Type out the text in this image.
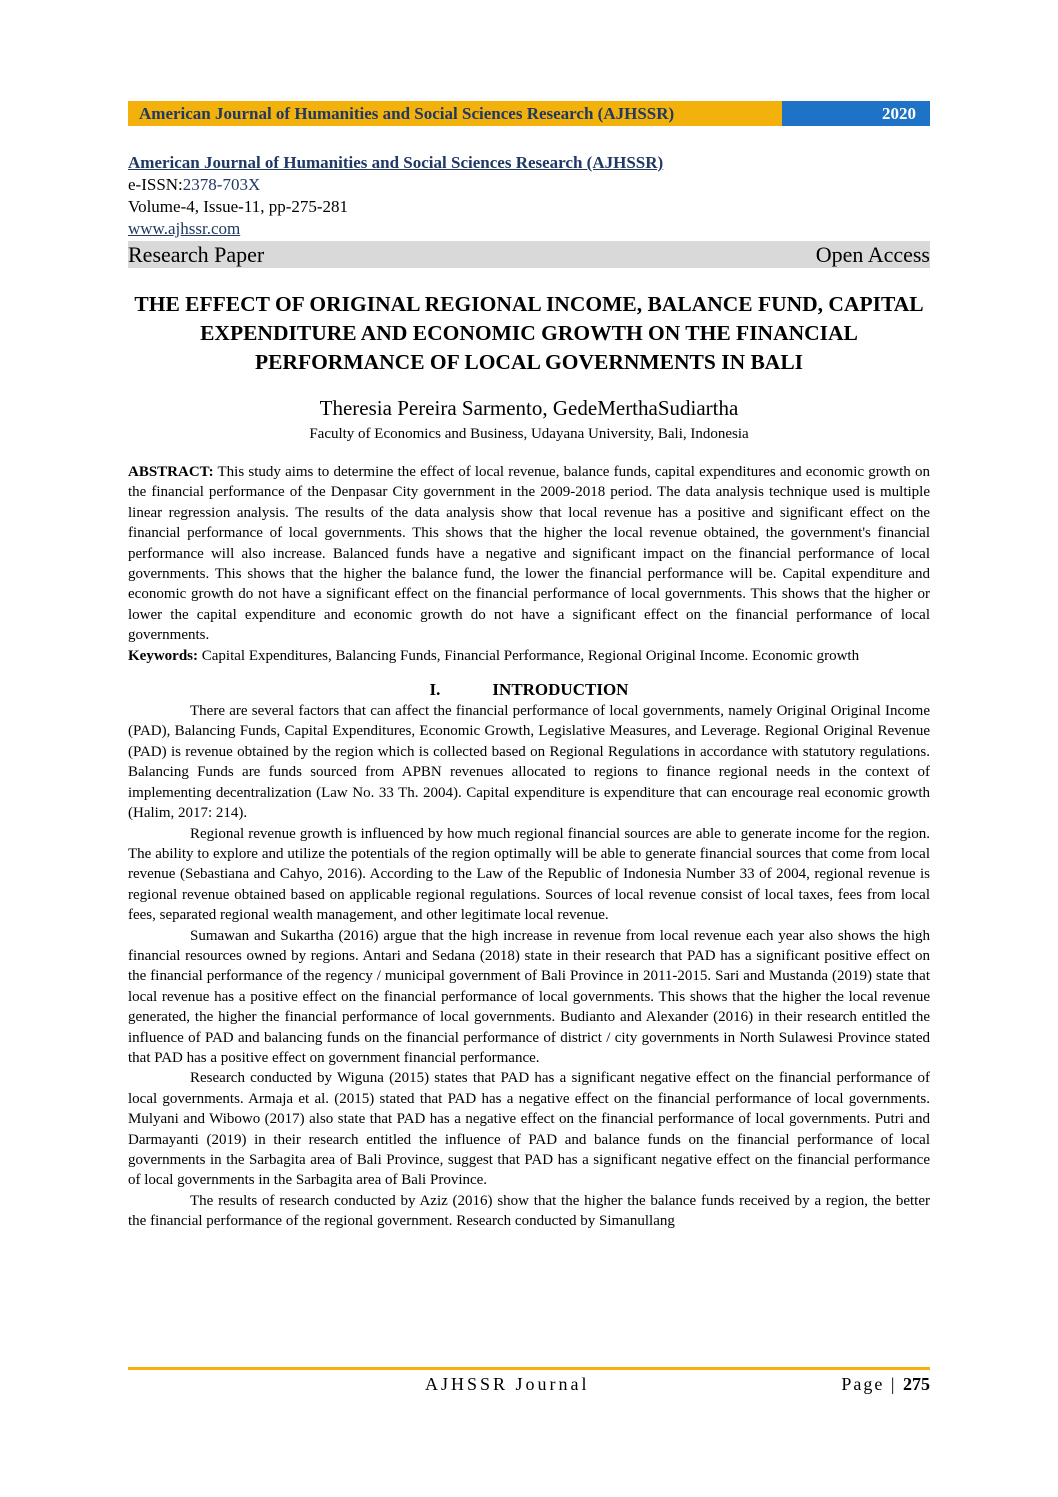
American Journal of Humanities and Social Sciences Research (AJHSSR)	2020
American Journal of Humanities and Social Sciences Research (AJHSSR)
e-ISSN:2378-703X
Volume-4, Issue-11, pp-275-281
www.ajhssr.com
Research Paper	Open Access
THE EFFECT OF ORIGINAL REGIONAL INCOME, BALANCE FUND, CAPITAL EXPENDITURE AND ECONOMIC GROWTH ON THE FINANCIAL PERFORMANCE OF LOCAL GOVERNMENTS IN BALI
Theresia Pereira Sarmento, GedeMerthaSudiartha
Faculty of Economics and Business, Udayana University, Bali, Indonesia

ABSTRACT: This study aims to determine the effect of local revenue, balance funds, capital expenditures and economic growth on the financial performance of the Denpasar City government in the 2009-2018 period. The data analysis technique used is multiple linear regression analysis. The results of the data analysis show that local revenue has a positive and significant effect on the financial performance of local governments. This shows that the higher the local revenue obtained, the government's financial performance will also increase. Balanced funds have a negative and significant impact on the financial performance of local governments. This shows that the higher the balance fund, the lower the financial performance will be. Capital expenditure and economic growth do not have a significant effect on the financial performance of local governments. This shows that the higher or lower the capital expenditure and economic growth do not have a significant effect on the financial performance of local governments.

Keywords: Capital Expenditures, Balancing Funds, Financial Performance, Regional Original Income. Economic growth

I.	INTRODUCTION

There are several factors that can affect the financial performance of local governments, namely Original Original Income (PAD), Balancing Funds, Capital Expenditures, Economic Growth, Legislative Measures, and Leverage. Regional Original Revenue (PAD) is revenue obtained by the region which is collected based on Regional Regulations in accordance with statutory regulations. Balancing Funds are funds sourced from APBN revenues allocated to regions to finance regional needs in the context of implementing decentralization (Law No. 33 Th. 2004). Capital expenditure is expenditure that can encourage real economic growth (Halim, 2017: 214).

Regional revenue growth is influenced by how much regional financial sources are able to generate income for the region. The ability to explore and utilize the potentials of the region optimally will be able to generate financial sources that come from local revenue (Sebastiana and Cahyo, 2016). According to the Law of the Republic of Indonesia Number 33 of 2004, regional revenue is regional revenue obtained based on applicable regional regulations. Sources of local revenue consist of local taxes, fees from local fees, separated regional wealth management, and other legitimate local revenue.

Sumawan and Sukartha (2016) argue that the high increase in revenue from local revenue each year also shows the high financial resources owned by regions. Antari and Sedana (2018) state in their research that PAD has a significant positive effect on the financial performance of the regency / municipal government of Bali Province in 2011-2015. Sari and Mustanda (2019) state that local revenue has a positive effect on the financial performance of local governments. This shows that the higher the local revenue generated, the higher the financial performance of local governments. Budianto and Alexander (2016) in their research entitled the influence of PAD and balancing funds on the financial performance of district / city governments in North Sulawesi Province stated that PAD has a positive effect on government financial performance.

Research conducted by Wiguna (2015) states that PAD has a significant negative effect on the financial performance of local governments. Armaja et al. (2015) stated that PAD has a negative effect on the financial performance of local governments. Mulyani and Wibowo (2017) also state that PAD has a negative effect on the financial performance of local governments. Putri and Darmayanti (2019) in their research entitled the influence of PAD and balance funds on the financial performance of local governments in the Sarbagita area of Bali Province, suggest that PAD has a significant negative effect on the financial performance of local governments in the Sarbagita area of Bali Province.

The results of research conducted by Aziz (2016) show that the higher the balance funds received by a region, the better the financial performance of the regional government. Research conducted by Simanullang

AJHSSR Journal	Page | 275
